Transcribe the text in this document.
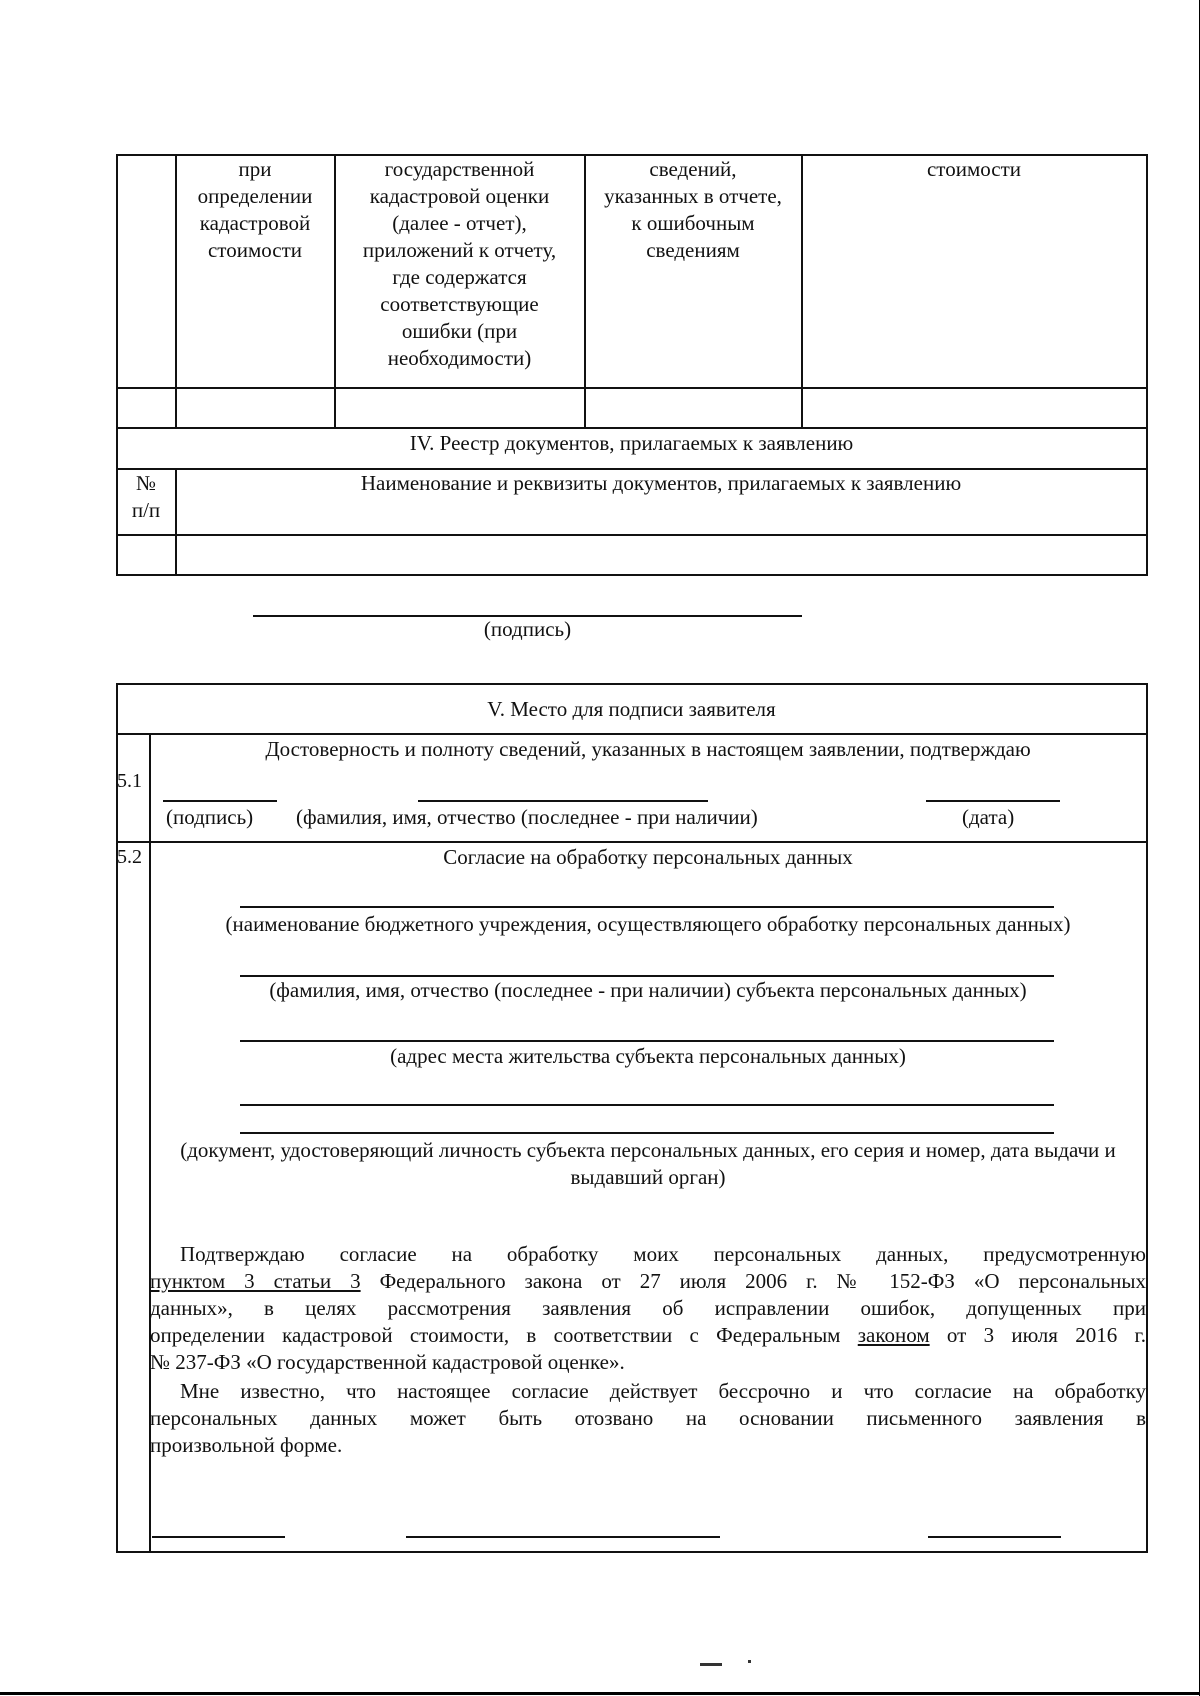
при
определении
кадастровой
стоимости
государственной
кадастровой оценки
(далее - отчет),
приложений к отчету,
где содержатся
соответствующие
ошибки (при
необходимости)
сведений,
указанных в отчете,
к ошибочным
сведениям
стоимости
IV. Реестр документов, прилагаемых к заявлению
№
п/п
Наименование и реквизиты документов, прилагаемых к заявлению
(подпись)
V. Место для подписи заявителя
5.1
Достоверность и полноту сведений, указанных в настоящем заявлении, подтверждаю
(подпись) (фамилия, имя, отчество (последнее - при наличии)	(дата)
5.2	Согласие на обработку персональных данных
(наименование бюджетного учреждения, осуществляющего обработку персональных данных)
(фамилия, имя, отчество (последнее - при наличии) субъекта персональных данных)
(адрес места жительства субъекта персональных данных)
(документ, удостоверяющий личность субъекта персональных данных, его серия и номер, дата выдачи и выдавший орган)
Подтверждаю согласие на обработку моих персональных данных, предусмотренную
пунктом 3 статьи 3 Федерального закона от 27 июля 2006 г. № 152-ФЗ «О персональных
данных», в целях рассмотрения заявления об исправлении ошибок, допущенных при
определении кадастровой стоимости, в соответствии с Федеральным законом от 3 июля 2016 г.
№ 237-ФЗ «О государственной кадастровой оценке».
Мне известно, что настоящее согласие действует бессрочно и что согласие на обработку
персональных данных может быть отозвано на основании письменного заявления в
произвольной форме.
